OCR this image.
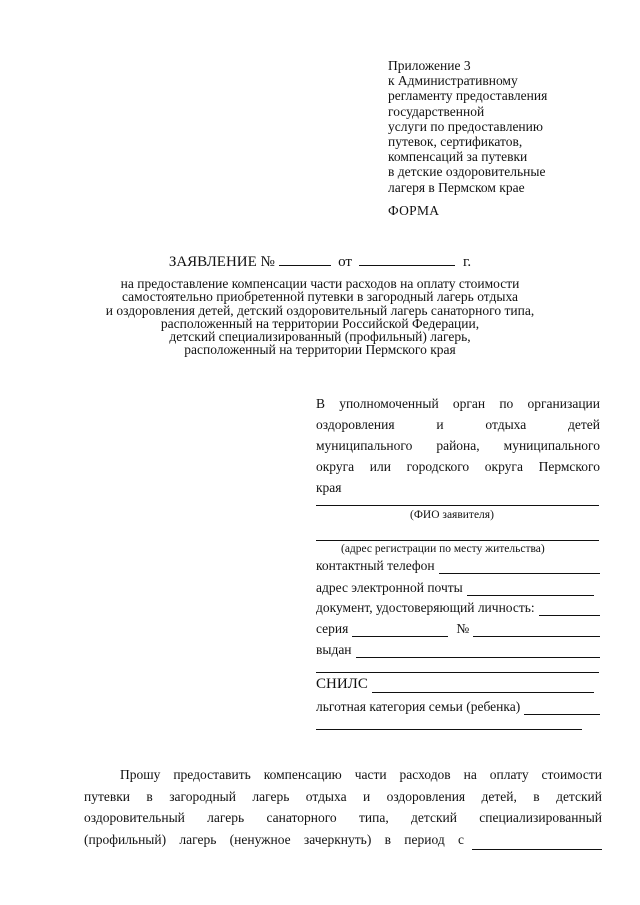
Приложение 3
к Административному
регламенту предоставления
государственной
услуги по предоставлению
путевок, сертификатов,
компенсаций за путевки
в детские оздоровительные
лагеря в Пермском крае
ФОРМА
ЗАЯВЛЕНИЕ №	от	г.
на предоставление компенсации части расходов на оплату стоимости
самостоятельно приобретенной путевки в загородный лагерь отдыха
и оздоровления детей, детский оздоровительный лагерь санаторного типа,
расположенный на территории Российской Федерации,
детский специализированный (профильный) лагерь,
расположенный на территории Пермского края
В уполномоченный орган по организации
оздоровления	и	отдыха	детей
муниципального района, муниципального
округа или городского округа Пермского
края
(ФИО заявителя)
(адрес регистрации по месту жительства)
контактный телефон
адрес электронной почты
документ, удостоверяющий личность:
серия	№
выдан
СНИЛС
льготная категория семьи (ребенка)
Прошу предоставить компенсацию части расходов на оплату стоимости
путевки в загородный лагерь отдыха и оздоровления детей, в детский
оздоровительный лагерь санаторного типа, детский специализированный
(профильный) лагерь (ненужное зачеркнуть) в период с
